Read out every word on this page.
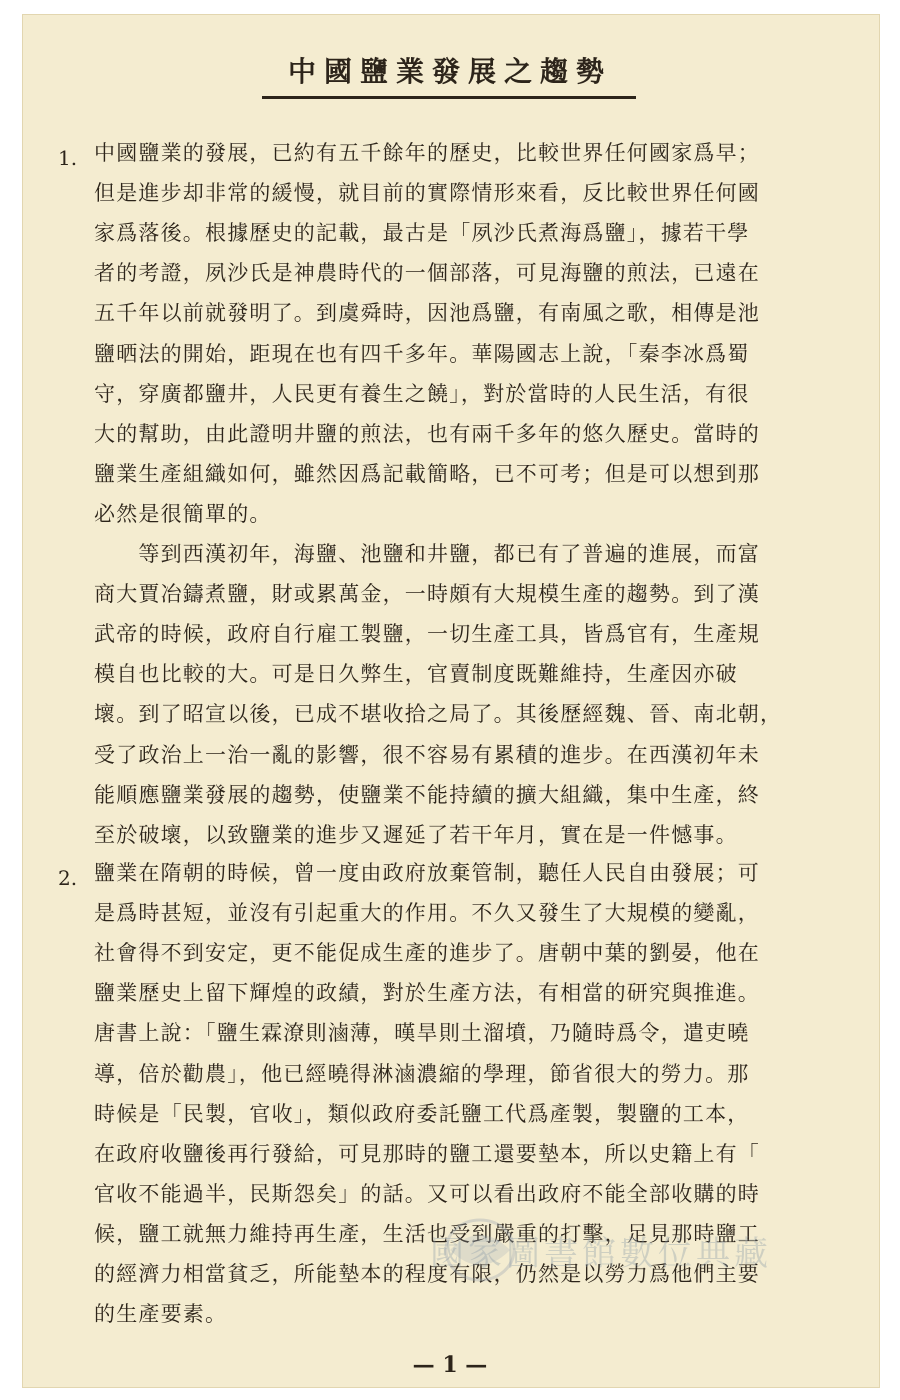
中國鹽業發展之趨勢
1.
2.
中國鹽業的發展，已約有五千餘年的歷史，比較世界任何國家爲早；
但是進步却非常的緩慢，就目前的實際情形來看，反比較世界任何國
家爲落後。根據歷史的記載，最古是「夙沙氏煮海爲鹽」，據若干學
者的考證，夙沙氏是神農時代的一個部落，可見海鹽的煎法，已遠在
五千年以前就發明了。到虞舜時，因池爲鹽，有南風之歌，相傳是池
鹽晒法的開始，距現在也有四千多年。華陽國志上說，「秦李冰爲蜀
守，穿廣都鹽井，人民更有養生之饒」，對於當時的人民生活，有很
大的幫助，由此證明井鹽的煎法，也有兩千多年的悠久歷史。當時的
鹽業生產組織如何，雖然因爲記載簡略，已不可考；但是可以想到那
必然是很簡單的。
　　等到西漢初年，海鹽、池鹽和井鹽，都已有了普遍的進展，而富
商大賈冶鑄煮鹽，財或累萬金，一時頗有大規模生產的趨勢。到了漢
武帝的時候，政府自行雇工製鹽，一切生產工具，皆爲官有，生產規
模自也比較的大。可是日久弊生，官賣制度既難維持，生產因亦破
壞。到了昭宣以後，已成不堪收拾之局了。其後歷經魏、晉、南北朝，
受了政治上一治一亂的影響，很不容易有累積的進步。在西漢初年未
能順應鹽業發展的趨勢，使鹽業不能持續的擴大組織，集中生產，終
至於破壞，以致鹽業的進步又遲延了若干年月，實在是一件憾事。
鹽業在隋朝的時候，曾一度由政府放棄管制，聽任人民自由發展；可
是爲時甚短，並沒有引起重大的作用。不久又發生了大規模的變亂，
社會得不到安定，更不能促成生產的進步了。唐朝中葉的劉晏，他在
鹽業歷史上留下輝煌的政績，對於生產方法，有相當的研究與推進。
唐書上說：「鹽生霖潦則滷薄，暵旱則土溜墳，乃隨時爲令，遣吏曉
導，倍於勸農」，他已經曉得淋滷濃縮的學理，節省很大的勞力。那
時候是「民製，官收」，類似政府委託鹽工代爲產製，製鹽的工本，
在政府收鹽後再行發給，可見那時的鹽工還要墊本，所以史籍上有「
官收不能過半，民斯怨矣」的話。又可以看出政府不能全部收購的時
候，鹽工就無力維持再生產，生活也受到嚴重的打擊，足見那時鹽工
的經濟力相當貧乏，所能墊本的程度有限，仍然是以勞力爲他們主要
的生產要素。
國家圖書館數位典藏
— 1 —
